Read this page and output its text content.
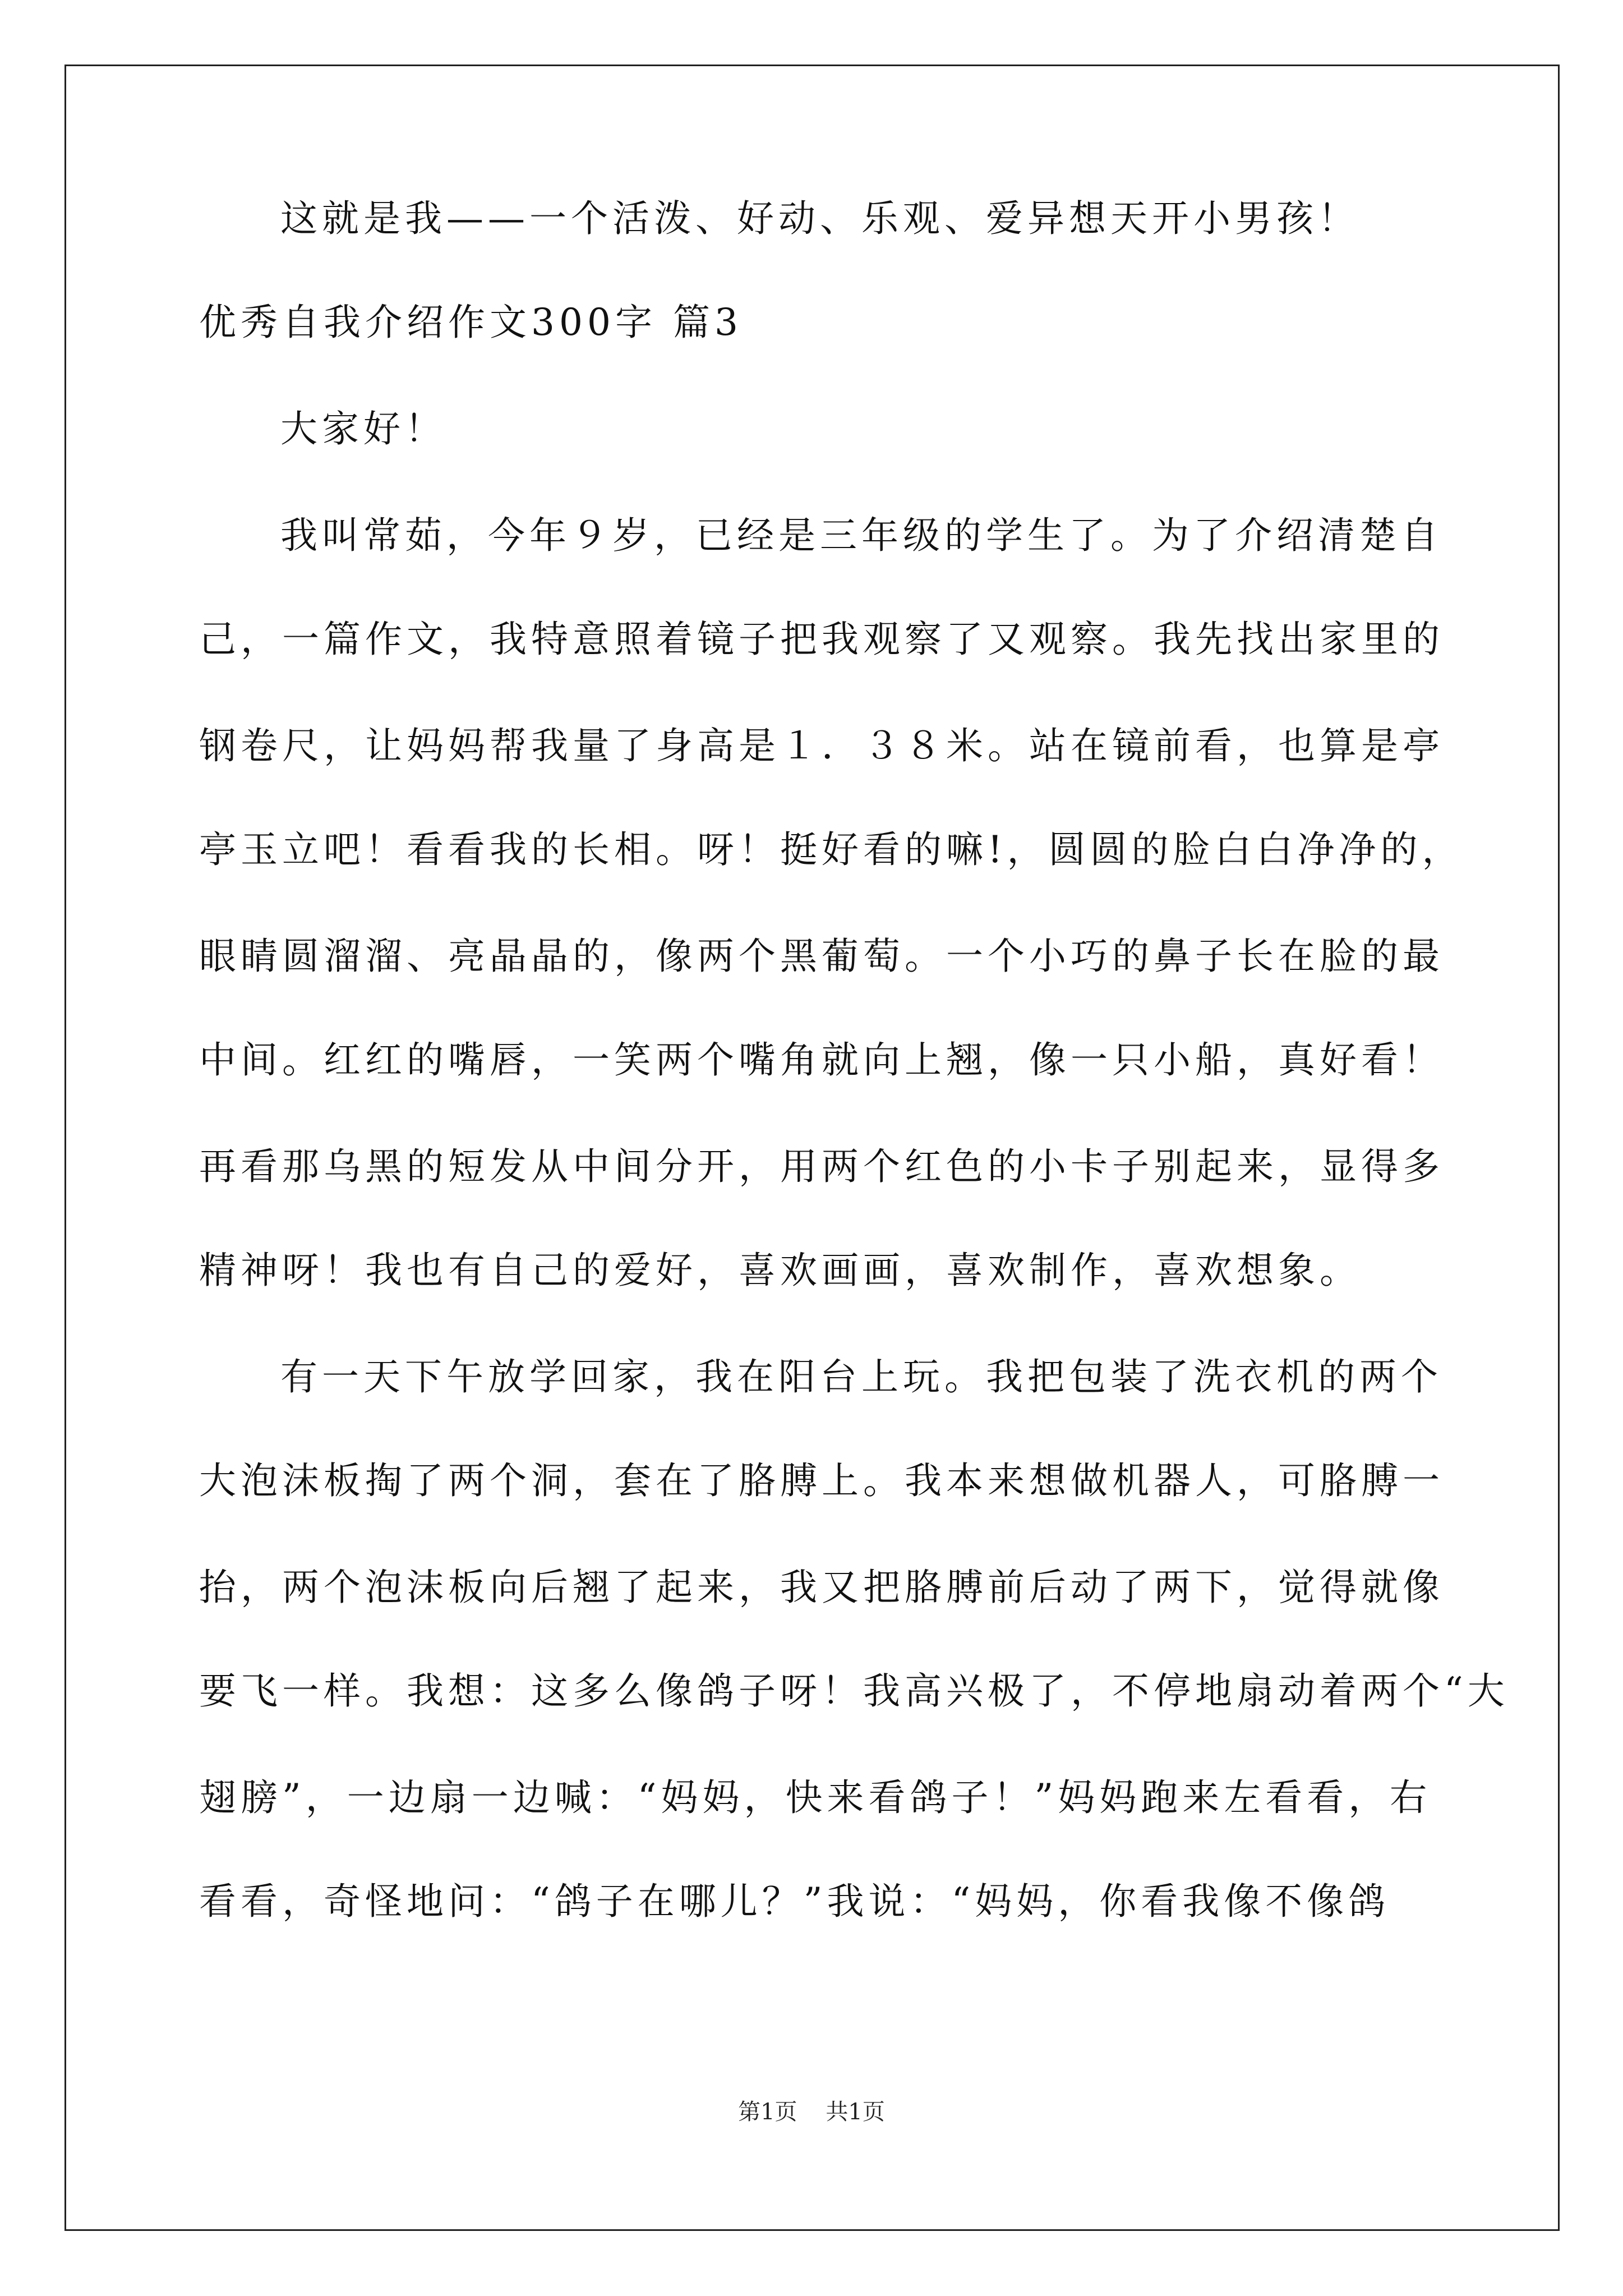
这就是我——一个活泼、好动、乐观、爱异想天开小男孩！
优秀自我介绍作文300字 篇3
大家好！
我叫常茹，今年９岁，已经是三年级的学生了。为了介绍清楚自
己，一篇作文，我特意照着镜子把我观察了又观察。我先找出家里的
钢卷尺，让妈妈帮我量了身高是１．３８米。站在镜前看，也算是亭
亭玉立吧！看看我的长相。呀！挺好看的嘛!，圆圆的脸白白净净的，
眼睛圆溜溜、亮晶晶的，像两个黑葡萄。一个小巧的鼻子长在脸的最
中间。红红的嘴唇，一笑两个嘴角就向上翘，像一只小船，真好看！
再看那乌黑的短发从中间分开，用两个红色的小卡子别起来，显得多
精神呀！我也有自己的爱好，喜欢画画，喜欢制作，喜欢想象。
有一天下午放学回家，我在阳台上玩。我把包装了洗衣机的两个
大泡沫板掏了两个洞，套在了胳膊上。我本来想做机器人，可胳膊一
抬，两个泡沫板向后翘了起来，我又把胳膊前后动了两下，觉得就像
要飞一样。我想：这多么像鸽子呀！我高兴极了，不停地扇动着两个“大
翅膀”，一边扇一边喊：“妈妈，快来看鸽子！”妈妈跑来左看看，右
看看，奇怪地问：“鸽子在哪儿？”我说：“妈妈，你看我像不像鸽
第1页 共1页
